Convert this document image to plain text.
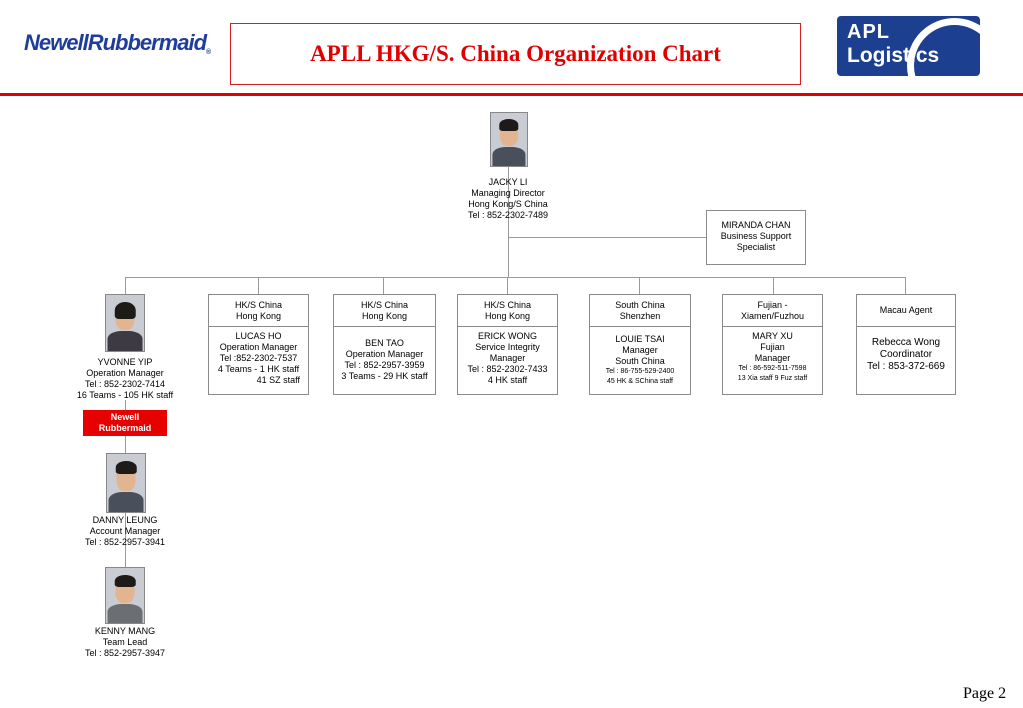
NewellRubbermaid®	APLL HKG/S. China Organization Chart
APL
Logistics
JACKY LI
Managing Director
Hong Kong/S China
Tel : 852-2302-7489
MIRANDA CHAN
Business Support
Specialist
YVONNE YIP
Operation Manager
Tel : 852-2302-7414
16 Teams - 105 HK staff
Newell
Rubbermaid
DANNY LEUNG
Account Manager
Tel : 852-2957-3941
KENNY MANG
Team Lead
Tel : 852-2957-3947
HK/S China
Hong Kong
LUCAS HO
Operation Manager
Tel :852-2302-7537
4 Teams - 1 HK staff
41 SZ staff
HK/S China
Hong Kong
BEN TAO
Operation Manager
Tel : 852-2957-3959
3 Teams - 29 HK staff
HK/S China
Hong Kong
ERICK WONG
Service Integrity
Manager
Tel : 852-2302-7433
4 HK staff
South China
Shenzhen
LOUIE TSAI
Manager
South China
Tel : 86-755-529-2400
45 HK & SChina staff
Fujian -
Xiamen/Fuzhou
MARY XU
Fujian
Manager
Tel : 86-592-511-7598
13 Xia staff 9 Fuz staff
Macau Agent
Rebecca Wong
Coordinator
Tel : 853-372-669
Page 2
